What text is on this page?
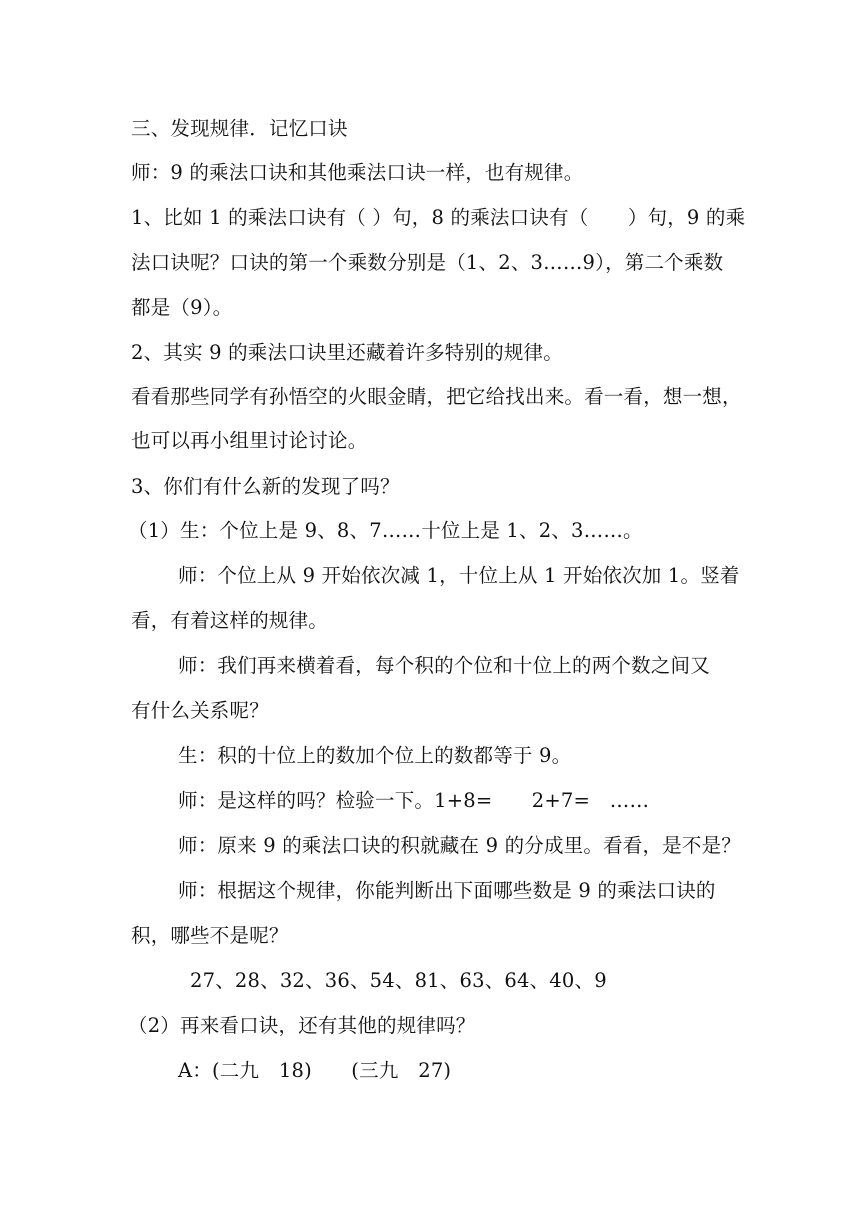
三、发现规律．记忆口诀
师：9 的乘法口诀和其他乘法口诀一样，也有规律。
1、比如 1 的乘法口诀有（ ）句，8 的乘法口诀有（　　）句，9 的乘
法口诀呢？口诀的第一个乘数分别是（1、2、3……9），第二个乘数
都是（9）。
2、其实 9 的乘法口诀里还藏着许多特别的规律。
看看那些同学有孙悟空的火眼金睛，把它给找出来。看一看，想一想，
也可以再小组里讨论讨论。
3、你们有什么新的发现了吗？
（1）生：个位上是 9、8、7……十位上是 1、2、3……。
师：个位上从 9 开始依次减 1，十位上从 1 开始依次加 1。竖着
看，有着这样的规律。
师：我们再来横着看，每个积的个位和十位上的两个数之间又
有什么关系呢？
生：积的十位上的数加个位上的数都等于 9。
师：是这样的吗？检验一下。1+8=　　2+7=　……
师：原来 9 的乘法口诀的积就藏在 9 的分成里。看看，是不是？
师：根据这个规律，你能判断出下面哪些数是 9 的乘法口诀的
积，哪些不是呢？
27、28、32、36、54、81、63、64、40、9
（2）再来看口诀，还有其他的规律吗？
A：(二九　18)　　(三九　27)
